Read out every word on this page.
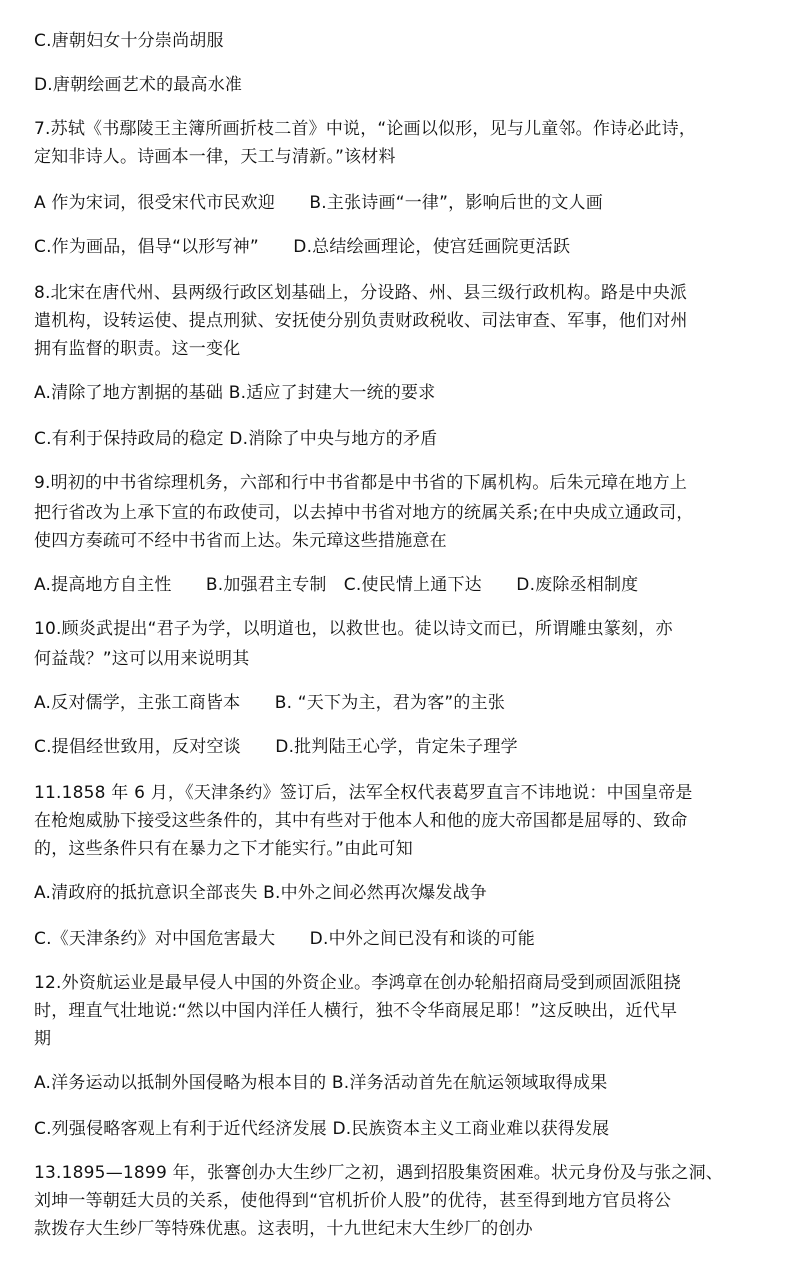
C.唐朝妇女十分崇尚胡服
D.唐朝绘画艺术的最高水准
7.苏轼《书鄢陵王主簿所画折枝二首》中说，“论画以似形，见与儿童邻。作诗必此诗，
定知非诗人。诗画本一律，天工与清新。”该材料
A 作为宋词，很受宋代市民欢迎　　B.主张诗画“一律”，影响后世的文人画
C.作为画品，倡导“以形写神”　　D.总结绘画理论，使宫廷画院更活跃
8.北宋在唐代州、县两级行政区划基础上，分设路、州、县三级行政机构。路是中央派
遣机构，设转运使、提点刑狱、安抚使分别负责财政税收、司法审查、军事，他们对州
拥有监督的职责。这一变化
A.清除了地方割据的基础 B.适应了封建大一统的要求
C.有利于保持政局的稳定 D.消除了中央与地方的矛盾
9.明初的中书省综理机务，六部和行中书省都是中书省的下属机构。后朱元璋在地方上
把行省改为上承下宣的布政使司，以去掉中书省对地方的统属关系;在中央成立通政司，
使四方奏疏可不经中书省而上达。朱元璋这些措施意在
A.提高地方自主性　　B.加强君主专制　C.使民情上通下达　　D.废除丞相制度
10.顾炎武提出“君子为学，以明道也，以救世也。徒以诗文而已，所谓雕虫篆刻，亦
何益哉？”这可以用来说明其
A.反对儒学，主张工商皆本　　B. “天下为主，君为客”的主张
C.提倡经世致用，反对空谈　　D.批判陆王心学，肯定朱子理学
11.1858 年 6 月，《天津条约》签订后，法军全权代表葛罗直言不讳地说：中国皇帝是
在枪炮威胁下接受这些条件的，其中有些对于他本人和他的庞大帝国都是屈辱的、致命
的，这些条件只有在暴力之下才能实行。”由此可知
A.清政府的抵抗意识全部丧失 B.中外之间必然再次爆发战争
C.《天津条约》对中国危害最大　　D.中外之间已没有和谈的可能
12.外资航运业是最早侵人中国的外资企业。李鸿章在创办轮船招商局受到顽固派阻挠
时，理直气壮地说:“然以中国内洋任人横行，独不令华商展足耶！”这反映出，近代早
期
A.洋务运动以抵制外国侵略为根本目的 B.洋务活动首先在航运领域取得成果
C.列强侵略客观上有利于近代经济发展 D.民族资本主义工商业难以获得发展
13.1895—1899 年，张謇创办大生纱厂之初，遇到招股集资困难。状元身份及与张之洞、
刘坤一等朝廷大员的关系，使他得到“官机折价人股”的优待，甚至得到地方官员将公
款拨存大生纱厂等特殊优惠。这表明，十九世纪末大生纱厂的创办
